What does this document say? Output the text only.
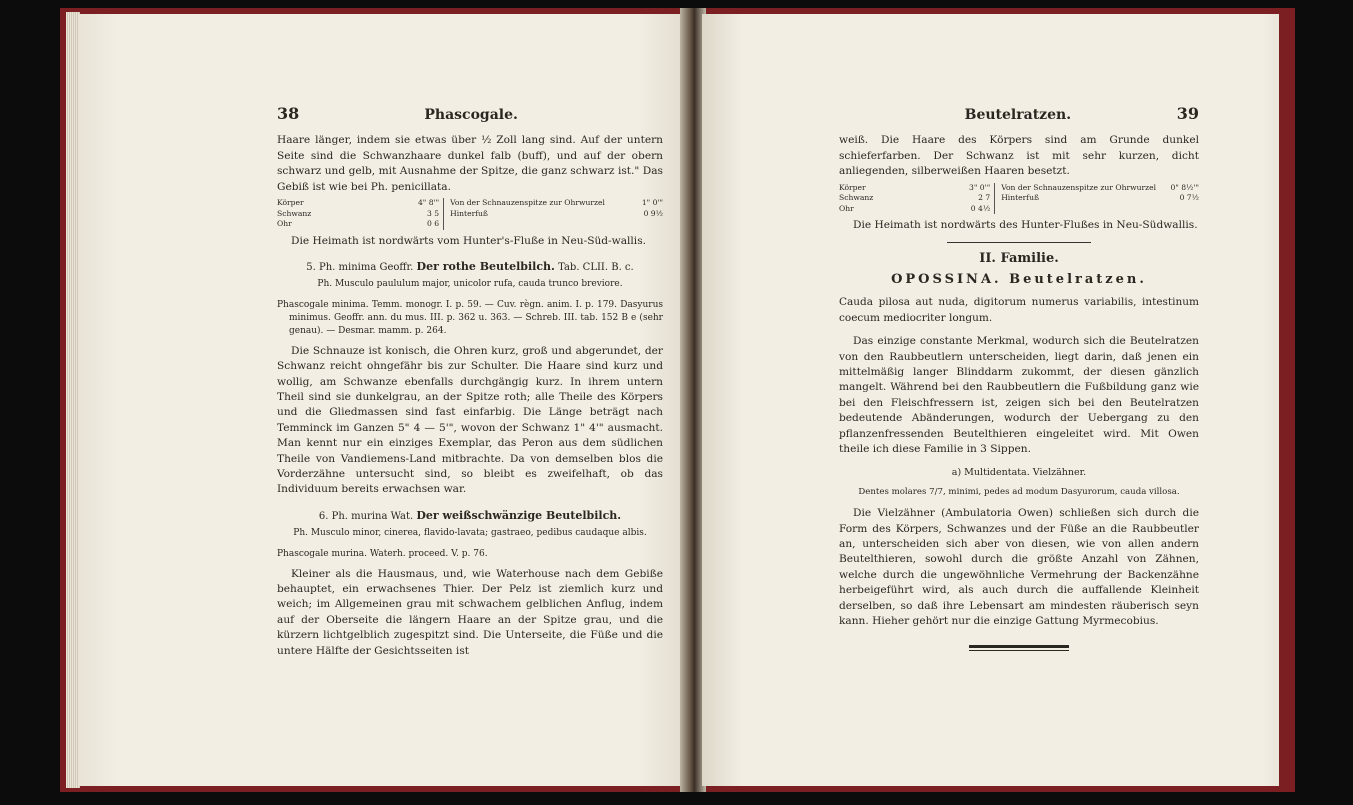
38	Phascogale.

Haare länger, indem sie etwas über ½ Zoll lang sind. Auf der untern Seite sind die Schwanzhaare dunkel falb (buff), und auf der obern schwarz und gelb, mit Ausnahme der Spitze, die ganz schwarz ist." Das Gebiß ist wie bei Ph. penicillata.

Körper	4" 8'"
Schwanz	3 5
Ohr	0 6
Von der Schnauzenspitze zur Ohrwurzel	1" 0'"
Hinterfuß	0 9½

Die Heimath ist nordwärts vom Hunter's-Fluße in Neu-Süd-wallis.

5. Ph. minima Geoffr. Der rothe Beutelbilch. Tab. CLII. B. c.
Ph. Musculo paululum major, unicolor rufa, cauda trunco breviore.

Phascogale minima. Temm. monogr. I. p. 59. — Cuv. règn. anim. I. p. 179. Dasyurus minimus. Geoffr. ann. du mus. III. p. 362 u. 363. — Schreb. III. tab. 152 B e (sehr genau). — Desmar. mamm. p. 264.

Die Schnauze ist konisch, die Ohren kurz, groß und abgerundet, der Schwanz reicht ohngefähr bis zur Schulter. Die Haare sind kurz und wollig, am Schwanze ebenfalls durchgängig kurz. In ihrem untern Theil sind sie dunkelgrau, an der Spitze roth; alle Theile des Körpers und die Gliedmassen sind fast einfarbig. Die Länge beträgt nach Temminck im Ganzen 5" 4 — 5'", wovon der Schwanz 1" 4'" ausmacht. Man kennt nur ein einziges Exemplar, das Peron aus dem südlichen Theile von Vandiemens-Land mitbrachte. Da von demselben blos die Vorderzähne untersucht sind, so bleibt es zweifelhaft, ob das Individuum bereits erwachsen war.

6. Ph. murina Wat. Der weißschwänzige Beutelbilch.
Ph. Musculo minor, cinerea, flavido-lavata; gastraeo, pedibus caudaque albis.

Phascogale murina. Waterh. proceed. V. p. 76.

Kleiner als die Hausmaus, und, wie Waterhouse nach dem Gebiße behauptet, ein erwachsenes Thier. Der Pelz ist ziemlich kurz und weich; im Allgemeinen grau mit schwachem gelblichen Anflug, indem auf der Oberseite die längern Haare an der Spitze grau, und die kürzern lichtgelblich zugespitzt sind. Die Unterseite, die Füße und die untere Hälfte der Gesichtsseiten ist

Beutelratzen.	39

weiß. Die Haare des Körpers sind am Grunde dunkel schieferfarben. Der Schwanz ist mit sehr kurzen, dicht anliegenden, silberweißen Haaren besetzt.

Körper	3" 0'"
Schwanz	2 7
Ohr	0 4½
Von der Schnauzenspitze zur Ohrwurzel 0" 8½'"
Hinterfuß	0 7½

Die Heimath ist nordwärts des Hunter-Flußes in Neu-Südwallis.

II. Familie.
OPOSSINA. Beutelratzen.

Cauda pilosa aut nuda, digitorum numerus variabilis, intestinum coecum mediocriter longum.

Das einzige constante Merkmal, wodurch sich die Beutelratzen von den Raubbeutlern unterscheiden, liegt darin, daß jenen ein mittelmäßig langer Blinddarm zukommt, der diesen gänzlich mangelt. Während bei den Raubbeutlern die Fußbildung ganz wie bei den Fleischfressern ist, zeigen sich bei den Beutelratzen bedeutende Abänderungen, wodurch der Uebergang zu den pflanzenfressenden Beutelthieren eingeleitet wird. Mit Owen theile ich diese Familie in 3 Sippen.

a) Multidentata. Vielzähner.
Dentes molares 7/7, minimi, pedes ad modum Dasyurorum, cauda villosa.

Die Vielzähner (Ambulatoria Owen) schließen sich durch die Form des Körpers, Schwanzes und der Füße an die Raubbeutler an, unterscheiden sich aber von diesen, wie von allen andern Beutelthieren, sowohl durch die größte Anzahl von Zähnen, welche durch die ungewöhnliche Vermehrung der Backenzähne herbeigeführt wird, als auch durch die auffallende Kleinheit derselben, so daß ihre Lebensart am mindesten räuberisch seyn kann. Hieher gehört nur die einzige Gattung Myrmecobius.
